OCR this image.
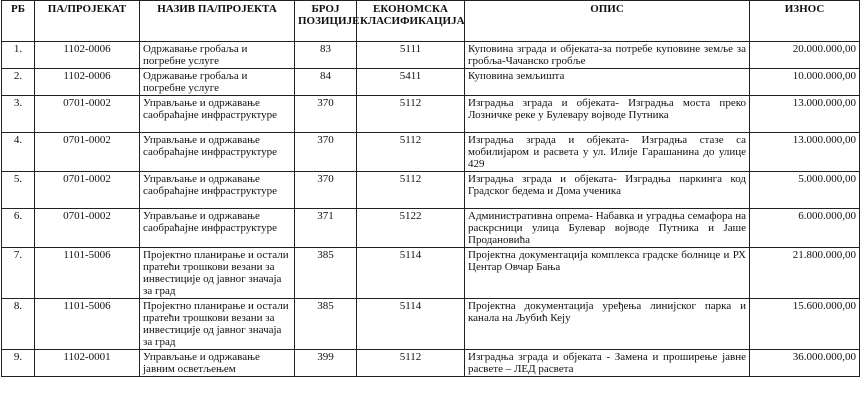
РБ	ПА/ПРОЈЕКАТ	НАЗИВ ПА/ПРОЈЕКТА	БРОЈ ПОЗИЦИЈЕ	ЕКОНОМСКА КЛАСИФИКАЦИЈА	ОПИС	ИЗНОС
1.	1102-0006	Одржавање гробаља и погребне услуге	83	5111	Куповина зграда и објеката-за потребе куповине земље за гробља-Чачанско гробље	20.000.000,00
2.	1102-0006	Одржавање гробаља и погребне услуге	84	5411	Куповина земљишта	10.000.000,00
3.	0701-0002	Управљање и одржавање саобраћајне инфраструктуре	370	5112	Изградња зграда и објеката- Изградња моста преко Лозничке реке у Булевару војводе Путника	13.000.000,00
4.	0701-0002	Управљање и одржавање саобраћајне инфраструктуре	370	5112	Изградња зграда и објеката- Изградња стазе са мобилијаром и расвета у ул. Илије Гарашанина до улице 429	13.000.000,00
5.	0701-0002	Управљање и одржавање саобраћајне инфраструктуре	370	5112	Изградња зграда и објеката- Изградња паркинга код Градског бедема и Дома ученика	5.000.000,00
6.	0701-0002	Управљање и одржавање саобраћајне инфраструктуре	371	5122	Административна опрема- Набавка и уградња семафора на раскрсници улица Булевар војводе Путника и Јаше Продановића	6.000.000,00
7.	1101-5006	Пројектно планирање и остали пратећи трошкови везани за инвестиције од јавног значаја за град	385	5114	Пројектна документација комплекса градске болнице и РХ Центар Овчар Бања	21.800.000,00
8.	1101-5006	Пројектно планирање и остали пратећи трошкови везани за инвестиције од јавног значаја за град	385	5114	Пројектна документација уређења линијског парка и канала на Љубић Кеју	15.600.000,00
9.	1102-0001	Управљање и одржавање јавним осветљењем	399	5112	Изградња зграда и објеката - Замена и проширење јавне расвете – ЛЕД расвета	36.000.000,00
